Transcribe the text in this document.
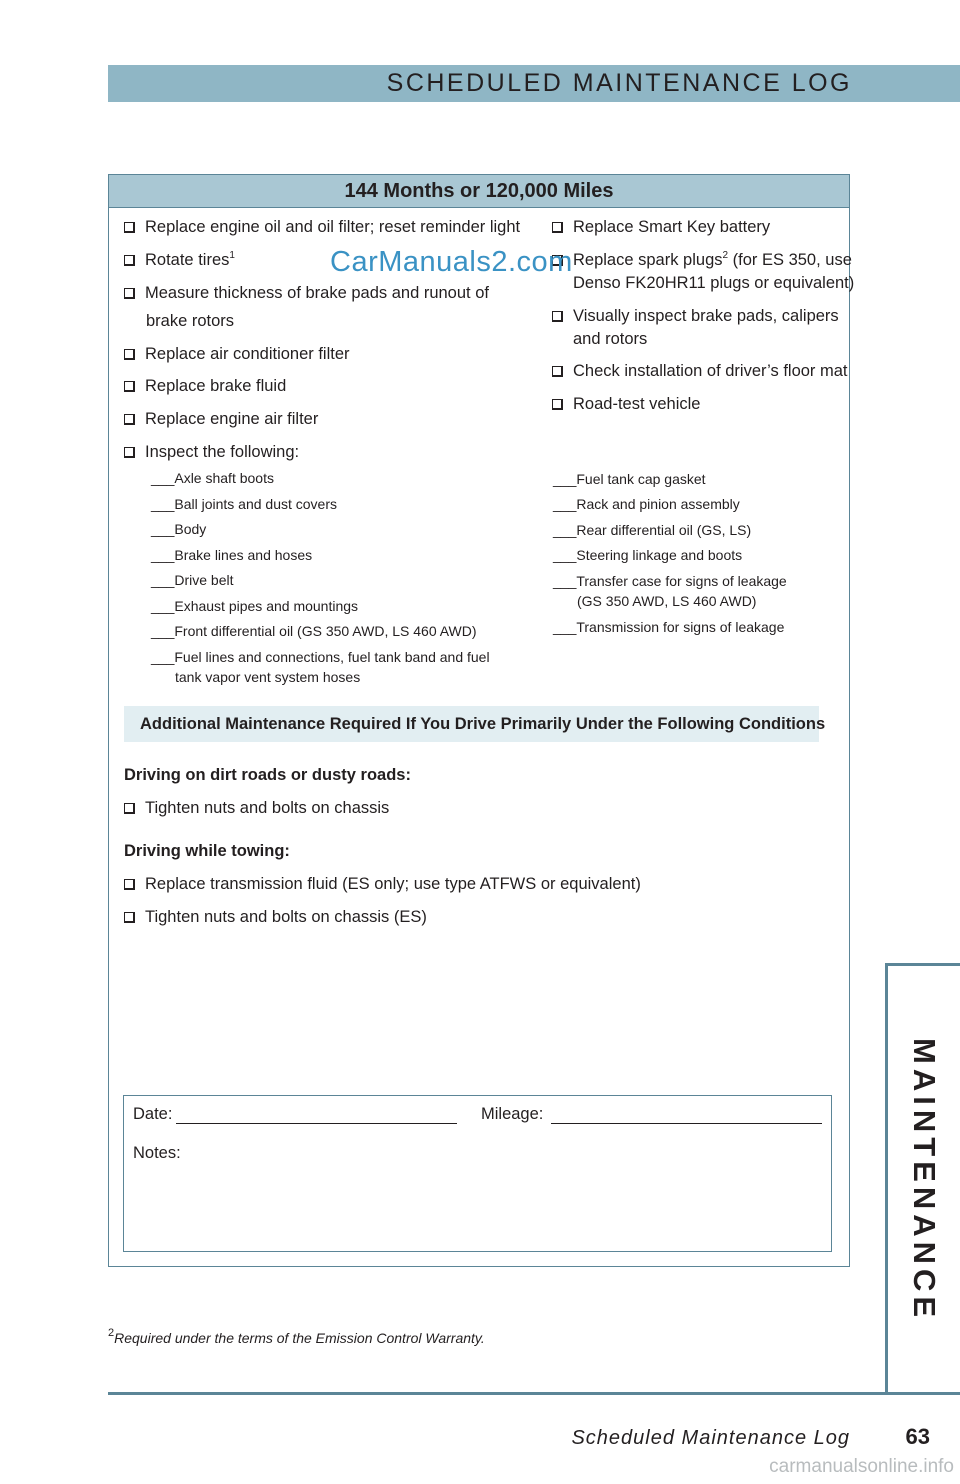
SCHEDULED MAINTENANCE LOG
144 Months or 120,000 Miles
Replace engine oil and oil filter; reset reminder light
Rotate tires$^1$
Measure thickness of brake pads and runout of
brake rotors
Replace air conditioner filter
Replace brake fluid
Replace engine air filter
Inspect the following:
Replace Smart Key battery
Replace spark plugs$^2$ (for ES 350, use
Denso FK20HR11 plugs or equivalent)
Visually inspect brake pads, calipers
and rotors
Check installation of driver’s floor mat
Road-test vehicle
___Axle shaft boots
___Ball joints and dust covers
___Body
___Brake lines and hoses
___Drive belt
___Exhaust pipes and mountings
___Front differential oil (GS 350 AWD, LS 460 AWD)
___Fuel lines and connections, fuel tank band and fuel
tank vapor vent system hoses
___Fuel tank cap gasket
___Rack and pinion assembly
___Rear differential oil (GS, LS)
___Steering linkage and boots
___Transfer case for signs of leakage
(GS 350 AWD, LS 460 AWD)
___Transmission for signs of leakage
Additional Maintenance Required If You Drive Primarily Under the Following Conditions
Driving on dirt roads or dusty roads:
Tighten nuts and bolts on chassis
Driving while towing:
Replace transmission fluid (ES only; use type ATFWS or equivalent)
Tighten nuts and bolts on chassis (ES)
Date:	Mileage:
Notes:
CarManuals2.com
$^2$Required under the terms of the Emission Control Warranty.
MAINTENANCE
Scheduled Maintenance Log	63
carmanualsonline.info
